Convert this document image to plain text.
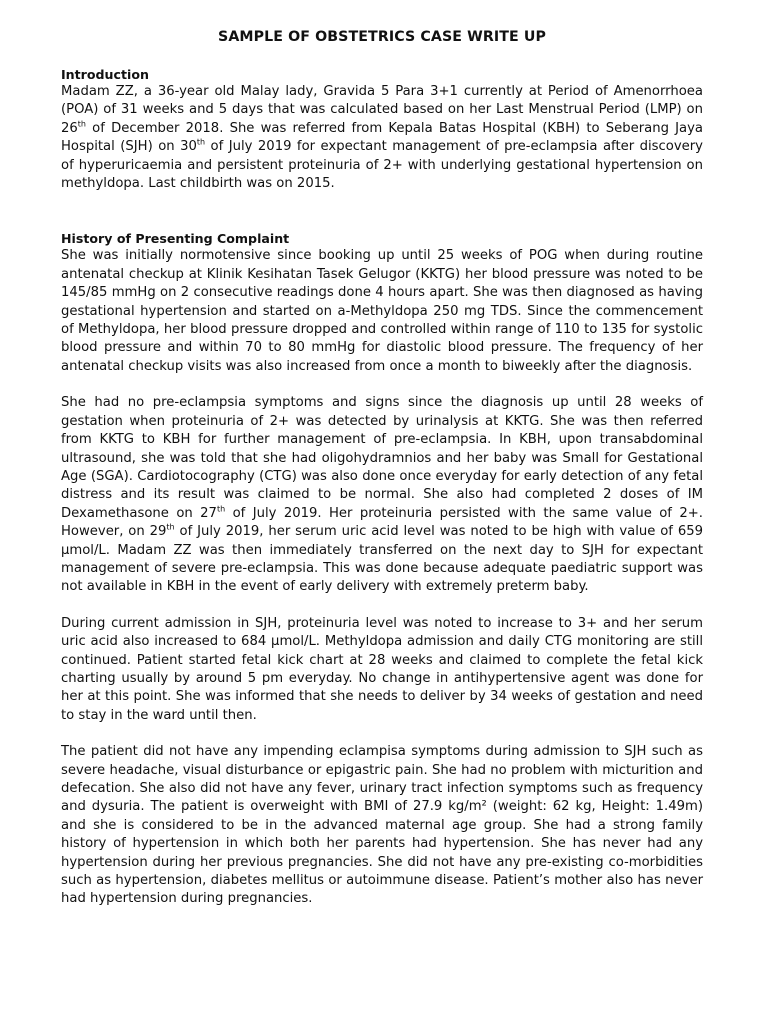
SAMPLE OF OBSTETRICS CASE WRITE UP

Introduction

Madam ZZ, a 36-year old Malay lady, Gravida 5 Para 3+1 currently at Period of Amenorrhoea (POA) of 31 weeks and 5 days that was calculated based on her Last Menstrual Period (LMP) on 26th of December 2018. She was referred from Kepala Batas Hospital (KBH) to Seberang Jaya Hospital (SJH) on 30th of July 2019 for expectant management of pre-eclampsia after discovery of hyperuricaemia and persistent proteinuria of 2+ with underlying gestational hypertension on methyldopa. Last childbirth was on 2015.

History of Presenting Complaint

She was initially normotensive since booking up until 25 weeks of POG when during routine antenatal checkup at Klinik Kesihatan Tasek Gelugor (KKTG) her blood pressure was noted to be 145/85 mmHg on 2 consecutive readings done 4 hours apart. She was then diagnosed as having gestational hypertension and started on a-Methyldopa 250 mg TDS. Since the commencement of Methyldopa, her blood pressure dropped and controlled within range of 110 to 135 for systolic blood pressure and within 70 to 80 mmHg for diastolic blood pressure. The frequency of her antenatal checkup visits was also increased from once a month to biweekly after the diagnosis.

She had no pre-eclampsia symptoms and signs since the diagnosis up until 28 weeks of gestation when proteinuria of 2+ was detected by urinalysis at KKTG. She was then referred from KKTG to KBH for further management of pre-eclampsia. In KBH, upon transabdominal ultrasound, she was told that she had oligohydramnios and her baby was Small for Gestational Age (SGA). Cardiotocography (CTG) was also done once everyday for early detection of any fetal distress and its result was claimed to be normal. She also had completed 2 doses of IM Dexamethasone on 27th of July 2019. Her proteinuria persisted with the same value of 2+. However, on 29th of July 2019, her serum uric acid level was noted to be high with value of 659 µmol/L. Madam ZZ was then immediately transferred on the next day to SJH for expectant management of severe pre-eclampsia. This was done because adequate paediatric support was not available in KBH in the event of early delivery with extremely preterm baby.

During current admission in SJH, proteinuria level was noted to increase to 3+ and her serum uric acid also increased to 684 µmol/L. Methyldopa admission and daily CTG monitoring are still continued. Patient started fetal kick chart at 28 weeks and claimed to complete the fetal kick charting usually by around 5 pm everyday. No change in antihypertensive agent was done for her at this point. She was informed that she needs to deliver by 34 weeks of gestation and need to stay in the ward until then.

The patient did not have any impending eclampisa symptoms during admission to SJH such as severe headache, visual disturbance or epigastric pain. She had no problem with micturition and defecation. She also did not have any fever, urinary tract infection symptoms such as frequency and dysuria. The patient is overweight with BMI of 27.9 kg/m² (weight: 62 kg, Height: 1.49m) and she is considered to be in the advanced maternal age group. She had a strong family history of hypertension in which both her parents had hypertension. She has never had any hypertension during her previous pregnancies. She did not have any pre-existing co-morbidities such as hypertension, diabetes mellitus or autoimmune disease. Patient’s mother also has never had hypertension during pregnancies.
